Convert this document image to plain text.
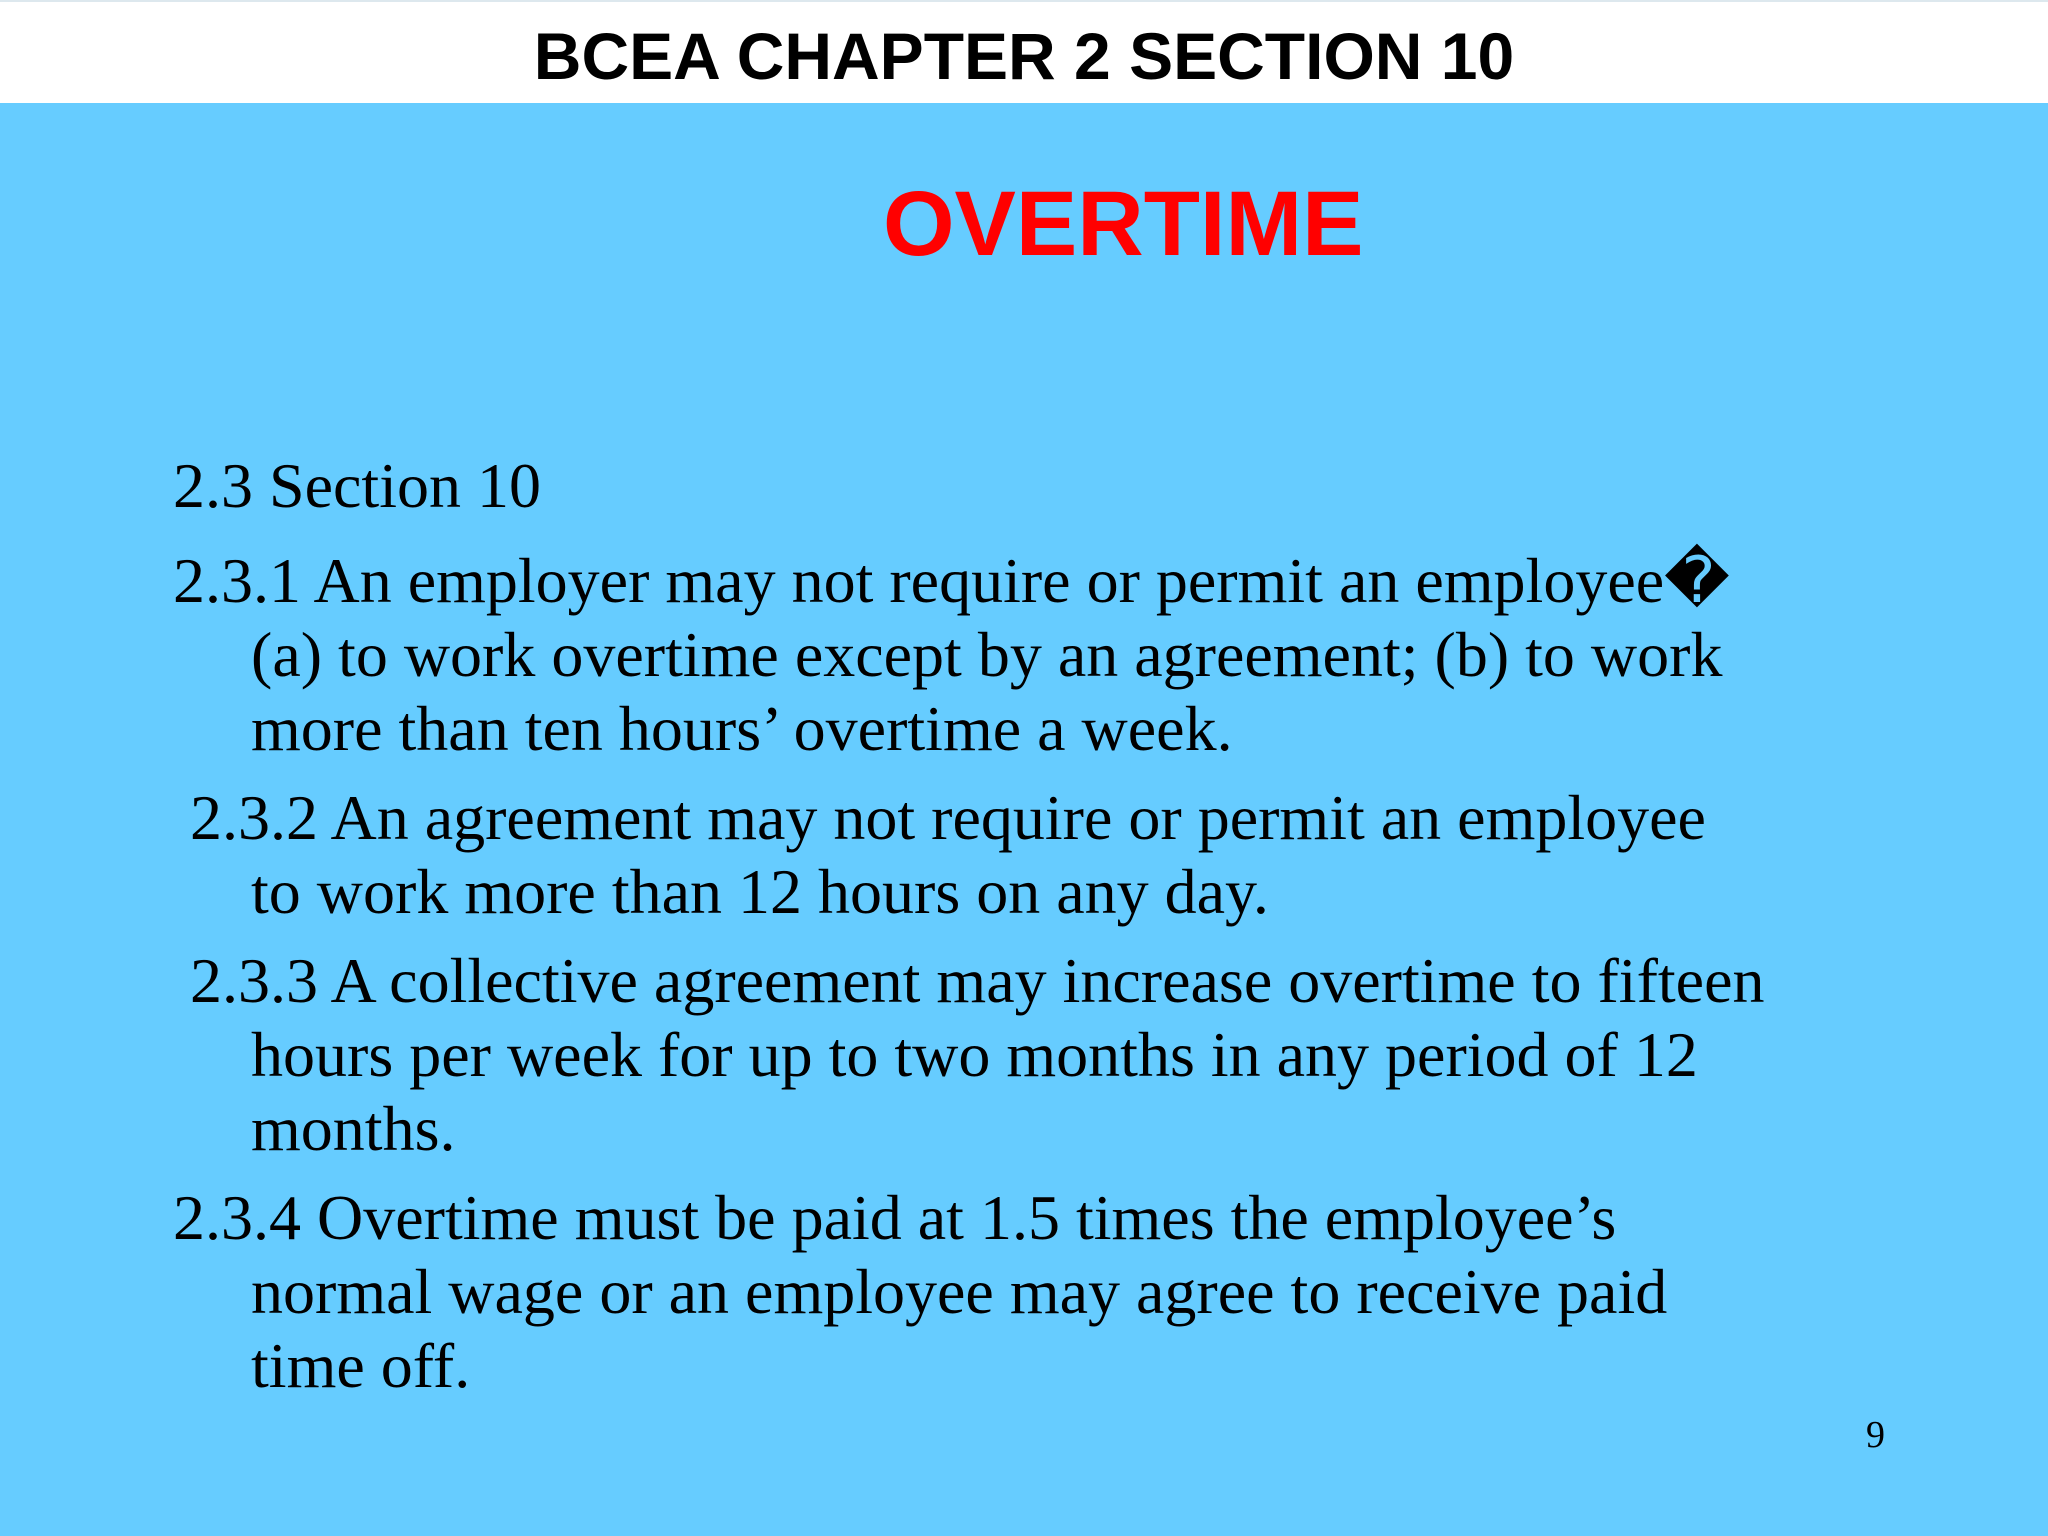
BCEA CHAPTER 2 SECTION 10
OVERTIME

2.3 Section 10

2.3.1 An employer may not require or permit an employee�
(a) to work overtime except by an agreement; (b) to work
more than ten hours’ overtime a week.

2.3.2 An agreement may not require or permit an employee
to work more than 12 hours on any day.

2.3.3 A collective agreement may increase overtime to fifteen
hours per week for up to two months in any period of 12
months.

2.3.4 Overtime must be paid at 1.5 times the employee’s
normal wage or an employee may agree to receive paid
time off.

9
